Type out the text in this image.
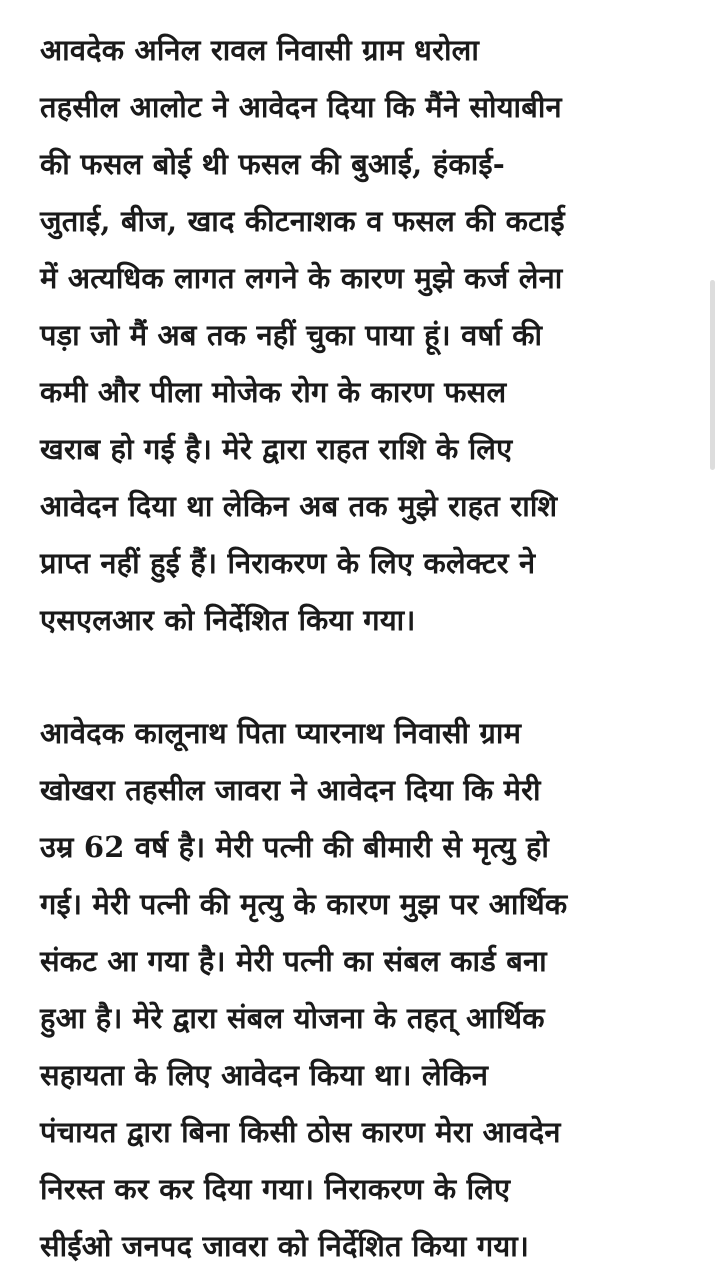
आवदेक अनिल रावल निवासी ग्राम धरोला
तहसील आलोट ने आवेदन दिया कि मैंने सोयाबीन
की फसल बोई थी फसल की बुआई, हंकाई-
जुताई, बीज, खाद कीटनाशक व फसल की कटाई
में अत्यधिक लागत लगने के कारण मुझे कर्ज लेना
पड़ा जो मैं अब तक नहीं चुका पाया हूं। वर्षा की
कमी और पीला मोजेक रोग के कारण फसल
खराब हो गई है। मेरे द्वारा राहत राशि के लिए
आवेदन दिया था लेकिन अब तक मुझे राहत राशि
प्राप्त नहीं हुई हैं। निराकरण के लिए कलेक्टर ने
एसएलआर को निर्देशित किया गया।

आवेदक कालूनाथ पिता प्यारनाथ निवासी ग्राम
खोखरा तहसील जावरा ने आवेदन दिया कि मेरी
उम्र 62 वर्ष है। मेरी पत्नी की बीमारी से मृत्यु हो
गई। मेरी पत्नी की मृत्यु के कारण मुझ पर आर्थिक
संकट आ गया है। मेरी पत्नी का संबल कार्ड बना
हुआ है। मेरे द्वारा संबल योजना के तहत् आर्थिक
सहायता के लिए आवेदन किया था। लेकिन
पंचायत द्वारा बिना किसी ठोस कारण मेरा आवदेन
निरस्त कर कर दिया गया। निराकरण के लिए
सीईओ जनपद जावरा को निर्देशित किया गया।
